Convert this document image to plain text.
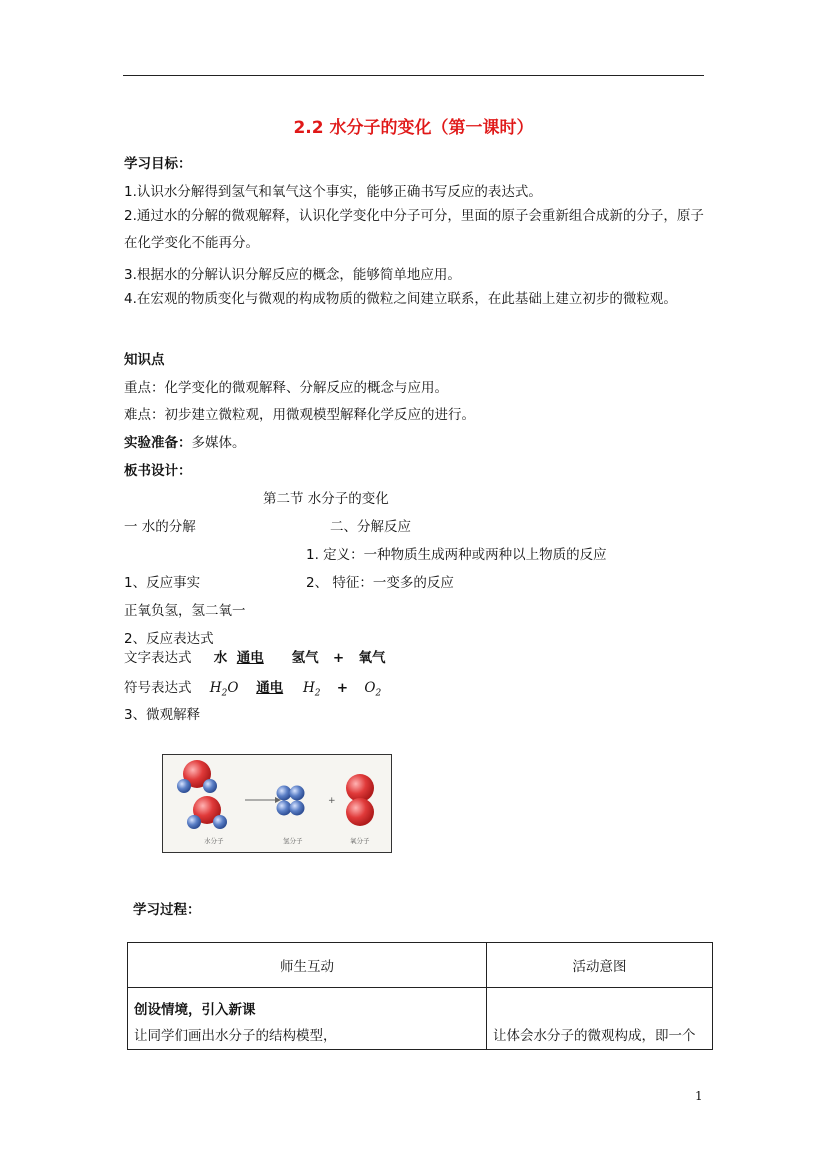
2.2 水分子的变化（第一课时）
学习目标：
1.认识水分解得到氢气和氧气这个事实，能够正确书写反应的表达式。
2.通过水的分解的微观解释，认识化学变化中分子可分，里面的原子会重新组合成新的分子，原子在化学变化不能再分。
3.根据水的分解认识分解反应的概念，能够简单地应用。
4.在宏观的物质变化与微观的构成物质的微粒之间建立联系，在此基础上建立初步的微粒观。
知识点
重点：化学变化的微观解释、分解反应的概念与应用。
难点：初步建立微粒观，用微观模型解释化学反应的进行。
实验准备：多媒体。
板书设计：
第二节 水分子的变化
一 水的分解	二、分解反应
1. 定义：一种物质生成两种或两种以上物质的反应
1、反应事实	2、 特征：一变多的反应
正氧负氢，氢二氧一
2、反应表达式
文字表达式 水 通电 氢气 + 氧气
符号表达式 $H_2O$ 通电 $H_2 + O_2$
3、微观解释
+
水分子	氢分子	氧分子
学习过程：
师生互动	活动意图

创设情境，引入新课
让同学们画出水分子的结构模型，	让体会水分子的微观构成，即一个
1
